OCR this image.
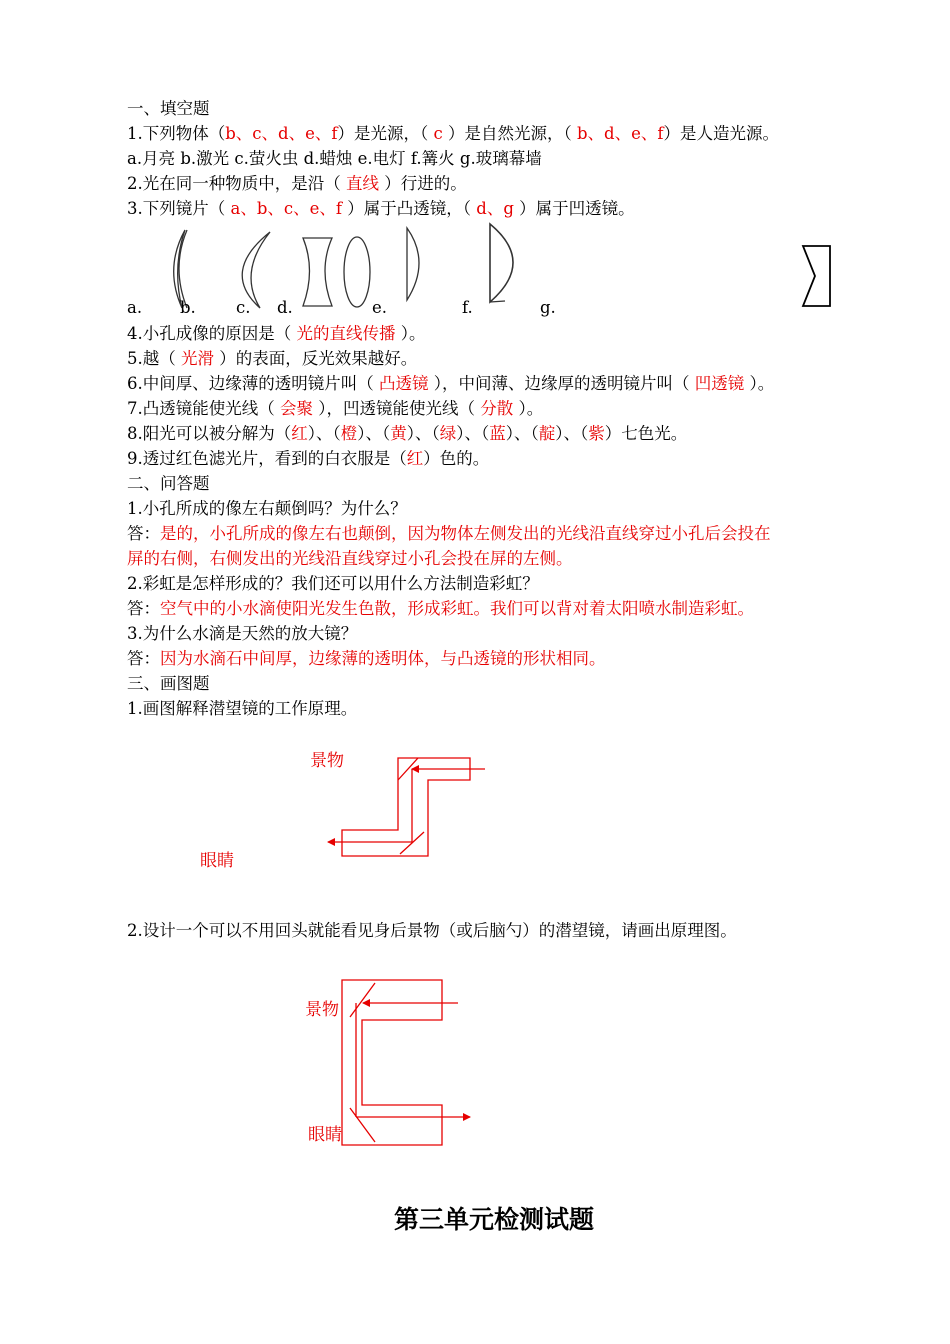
一、填空题
1.下列物体（b、c、d、e、f）是光源，（ c ）是自然光源，（ b、d、e、f）是人造光源。
a.月亮 b.激光 c.萤火虫 d.蜡烛 e.电灯 f.篝火 g.玻璃幕墙
2.光在同一种物质中，是沿（ 直线 ）行进的。
3.下列镜片（ a、b、c、e、f ）属于凸透镜，（ d、g ）属于凹透镜。
a. b. c. d.	e.	f.	g.
4.小孔成像的原因是（ 光的直线传播 ）。
5.越（ 光滑 ）的表面，反光效果越好。
6.中间厚、边缘薄的透明镜片叫（ 凸透镜 ），中间薄、边缘厚的透明镜片叫（ 凹透镜 ）。
7.凸透镜能使光线（ 会聚 ），凹透镜能使光线（ 分散 ）。
8.阳光可以被分解为（红）、（橙）、（黄）、（绿）、（蓝）、（靛）、（紫）七色光。
9.透过红色滤光片，看到的白衣服是（红）色的。
二、问答题
1.小孔所成的像左右颠倒吗？为什么？
答：是的，小孔所成的像左右也颠倒，因为物体左侧发出的光线沿直线穿过小孔后会投在
屏的右侧，右侧发出的光线沿直线穿过小孔会投在屏的左侧。
2.彩虹是怎样形成的？我们还可以用什么方法制造彩虹？
答：空气中的小水滴使阳光发生色散，形成彩虹。我们可以背对着太阳喷水制造彩虹。
3.为什么水滴是天然的放大镜？
答：因为水滴石中间厚，边缘薄的透明体，与凸透镜的形状相同。
三、画图题
1.画图解释潜望镜的工作原理。
景物
眼睛
2.设计一个可以不用回头就能看见身后景物（或后脑勺）的潜望镜，请画出原理图。
景物
眼睛
第三单元检测试题
